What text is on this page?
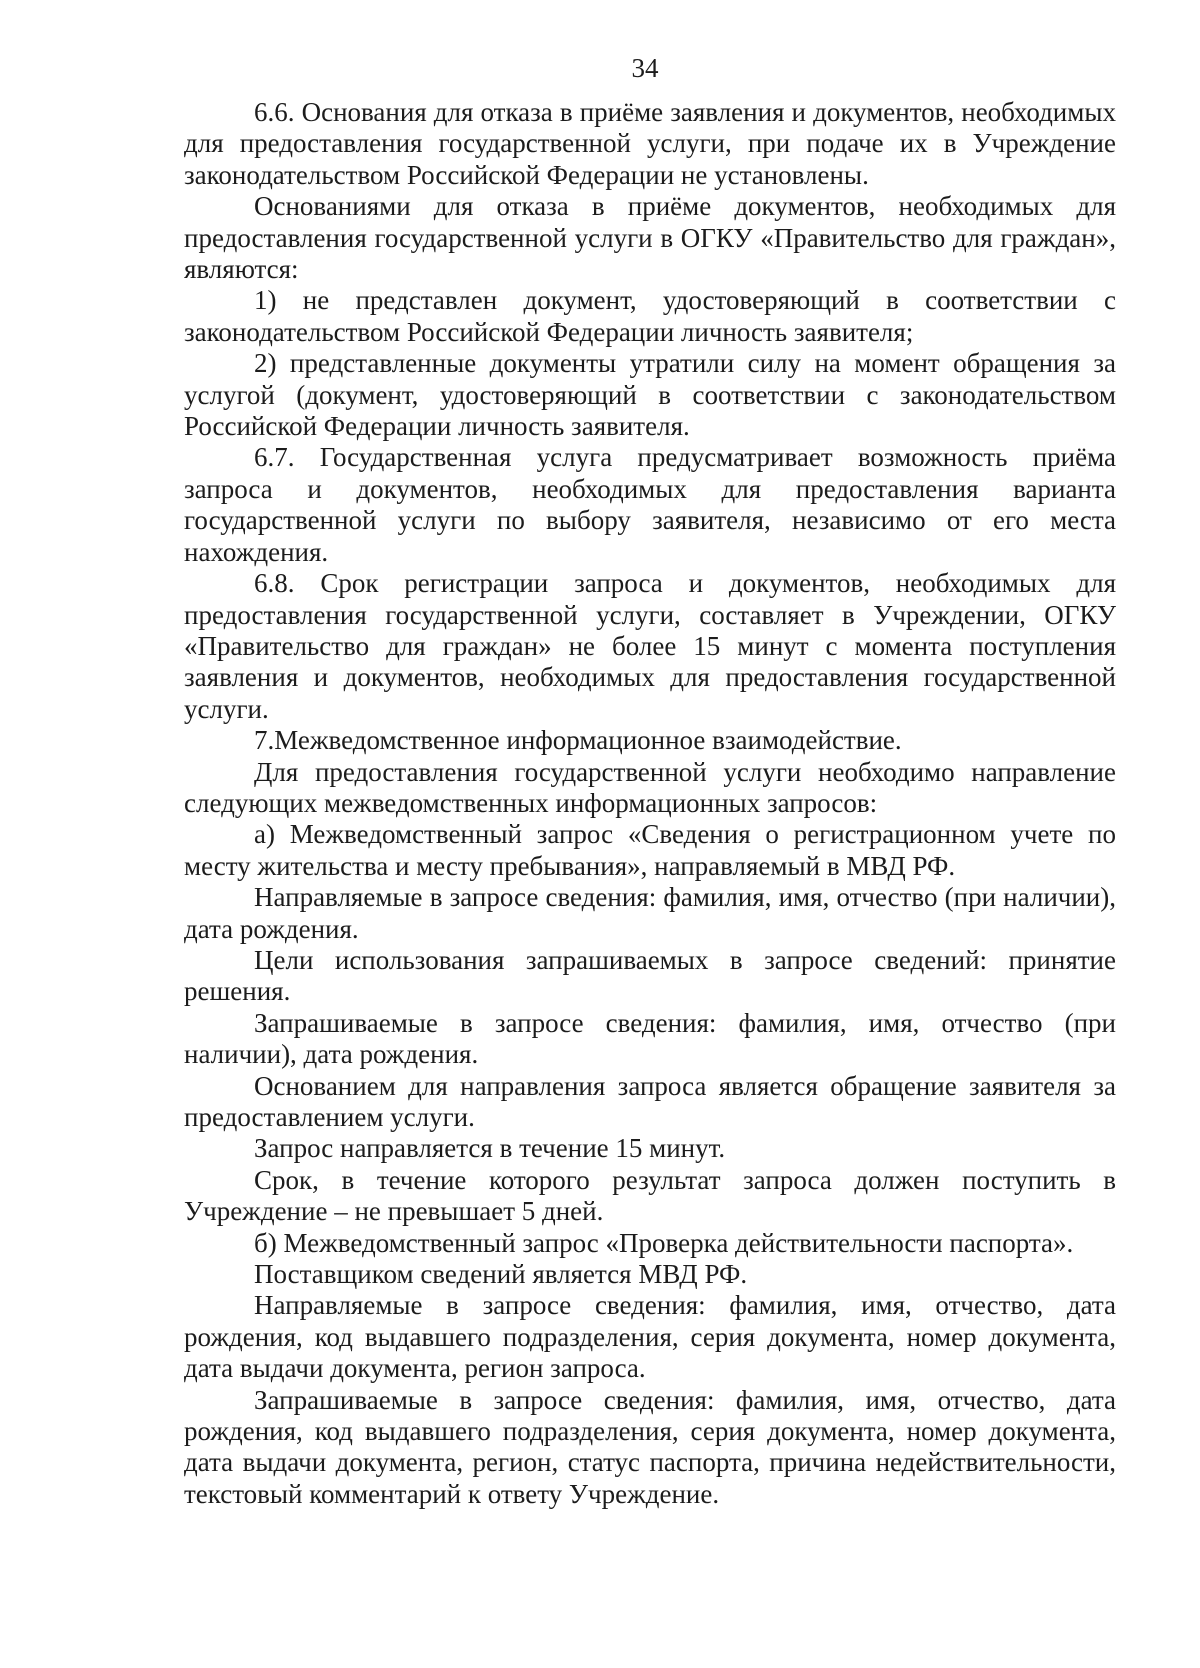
34

6.6. Основания для отказа в приёме заявления и документов, необходимых для предоставления государственной услуги, при подаче их в Учреждение законодательством Российской Федерации не установлены.

Основаниями для отказа в приёме документов, необходимых для предоставления государственной услуги в ОГКУ «Правительство для граждан», являются:

1) не представлен документ, удостоверяющий в соответствии с законодательством Российской Федерации личность заявителя;

2) представленные документы утратили силу на момент обращения за услугой (документ, удостоверяющий в соответствии с законодательством Российской Федерации личность заявителя.

6.7. Государственная услуга предусматривает возможность приёма запроса и документов, необходимых для предоставления варианта государственной услуги по выбору заявителя, независимо от его места нахождения.

6.8. Срок регистрации запроса и документов, необходимых для предоставления государственной услуги, составляет в Учреждении, ОГКУ «Правительство для граждан» не более 15 минут с момента поступления заявления и документов, необходимых для предоставления государственной услуги.

7.Межведомственное информационное взаимодействие.

Для предоставления государственной услуги необходимо направление следующих межведомственных информационных запросов:

а) Межведомственный запрос «Сведения о регистрационном учете по месту жительства и месту пребывания», направляемый в МВД РФ.

Направляемые в запросе сведения: фамилия, имя, отчество (при наличии), дата рождения.

Цели использования запрашиваемых в запросе сведений: принятие решения.

Запрашиваемые в запросе сведения: фамилия, имя, отчество (при наличии), дата рождения.

Основанием для направления запроса является обращение заявителя за предоставлением услуги.

Запрос направляется в течение 15 минут.

Срок, в течение которого результат запроса должен поступить в Учреждение – не превышает 5 дней.

б) Межведомственный запрос «Проверка действительности паспорта».

Поставщиком сведений является МВД РФ.

Направляемые в запросе сведения: фамилия, имя, отчество, дата рождения, код выдавшего подразделения, серия документа, номер документа, дата выдачи документа, регион запроса.

Запрашиваемые в запросе сведения: фамилия, имя, отчество, дата рождения, код выдавшего подразделения, серия документа, номер документа, дата выдачи документа, регион, статус паспорта, причина недействительности, текстовый комментарий к ответу Учреждение.
